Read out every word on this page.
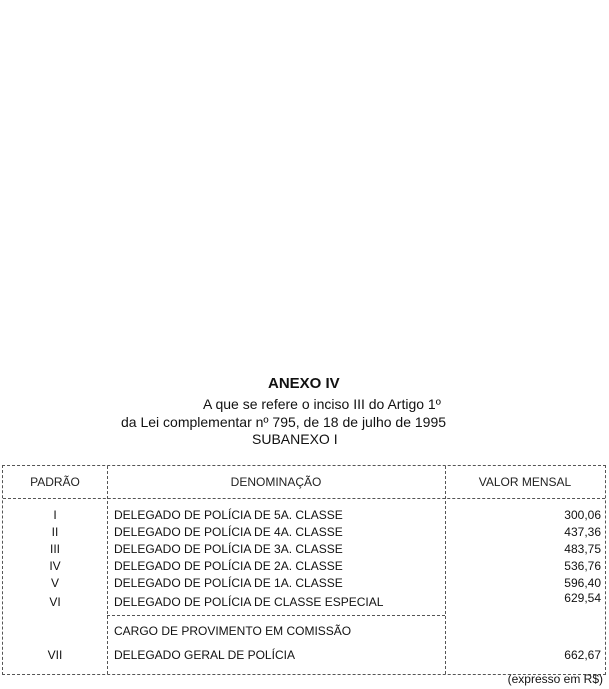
ANEXO IV
A que se refere o inciso III do Artigo 1º
da Lei complementar nº 795, de 18 de julho de 1995
SUBANEXO I
PADRÃO	DENOMINAÇÃO	VALOR MENSAL
I	DELEGADO DE POLÍCIA DE 5A. CLASSE	300,06
II	DELEGADO DE POLÍCIA DE 4A. CLASSE	437,36
III	DELEGADO DE POLÍCIA DE 3A. CLASSE	483,75
IV	DELEGADO DE POLÍCIA DE 2A. CLASSE	536,76
V	DELEGADO DE POLÍCIA DE 1A. CLASSE	596,40
VI	DELEGADO DE POLÍCIA DE CLASSE ESPECIAL	629,54
CARGO DE PROVIMENTO EM COMISSÃO
VII	DELEGADO GERAL DE POLÍCIA	662,67
(expresso em R$)
